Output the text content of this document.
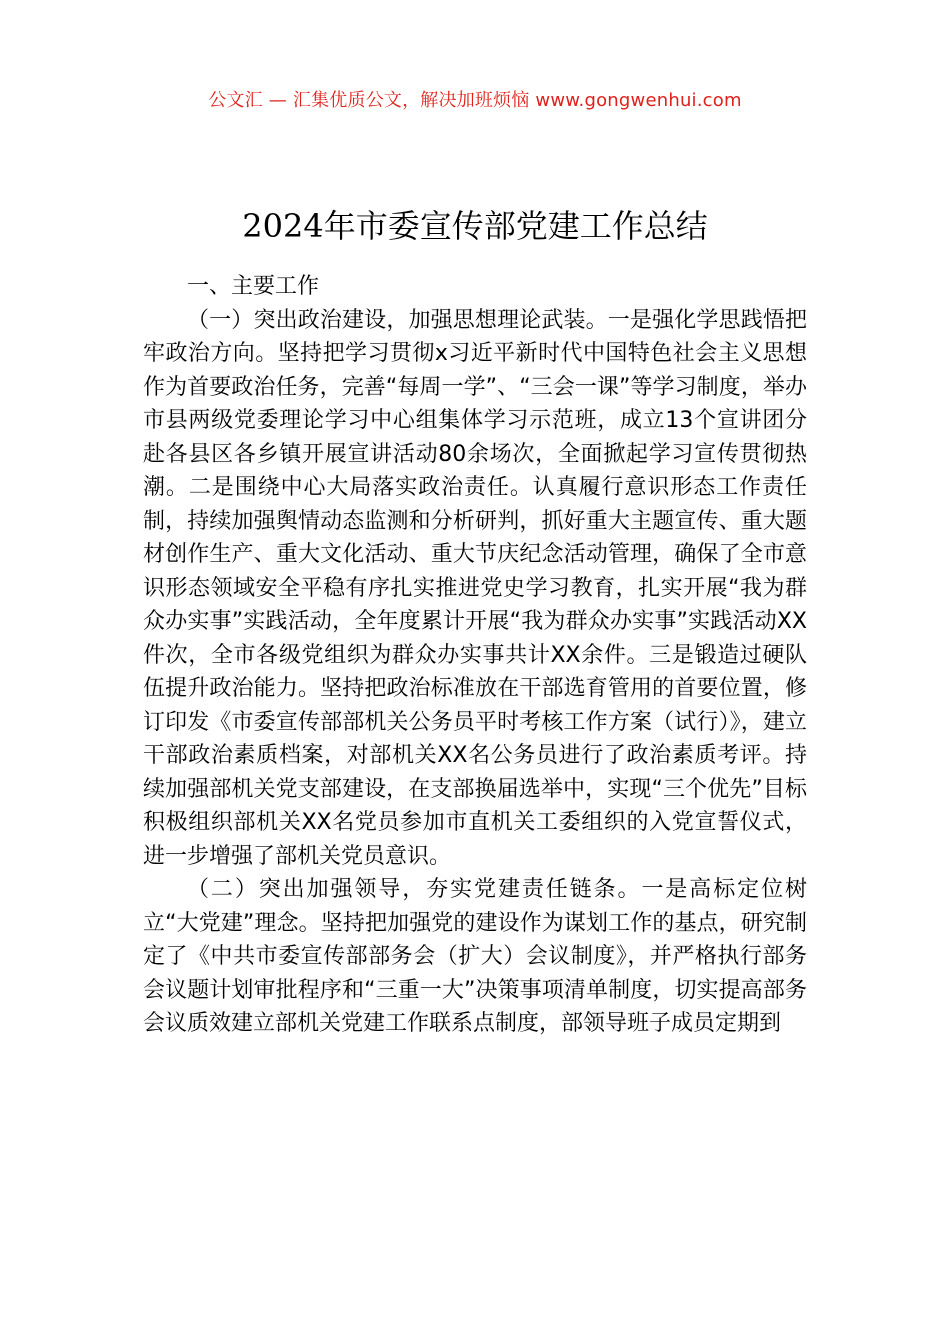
公文汇 — 汇集优质公文，解决加班烦恼 www.gongwenhui.com
2024年市委宣传部党建工作总结

一、主要工作

（一）突出政治建设，加强思想理论武装。一是强化学思践悟把牢政治方向。坚持把学习贯彻x习近平新时代中国特色社会主义思想作为首要政治任务，完善“每周一学”、“三会一课”等学习制度，举办市县两级党委理论学习中心组集体学习示范班，成立13个宣讲团分赴各县区各乡镇开展宣讲活动80余场次，全面掀起学习宣传贯彻热潮。二是围绕中心大局落实政治责任。认真履行意识形态工作责任制，持续加强舆情动态监测和分析研判，抓好重大主题宣传、重大题材创作生产、重大文化活动、重大节庆纪念活动管理，确保了全市意识形态领域安全平稳有序扎实推进党史学习教育，扎实开展“我为群众办实事”实践活动，全年度累计开展“我为群众办实事”实践活动XX件次，全市各级党组织为群众办实事共计XX余件。三是锻造过硬队伍提升政治能力。坚持把政治标准放在干部选育管用的首要位置，修订印发《市委宣传部部机关公务员平时考核工作方案（试行）》，建立干部政治素质档案，对部机关XX名公务员进行了政治素质考评。持续加强部机关党支部建设，在支部换届选举中，实现“三个优先”目标积极组织部机关XX名党员参加市直机关工委组织的入党宣誓仪式，进一步增强了部机关党员意识。

（二）突出加强领导，夯实党建责任链条。一是高标定位树立“大党建”理念。坚持把加强党的建设作为谋划工作的基点，研究制定了《中共市委宣传部部务会（扩大）会议制度》，并严格执行部务会议题计划审批程序和“三重一大”决策事项清单制度，切实提高部务会议质效建立部机关党建工作联系点制度，部领导班子成员定期到
